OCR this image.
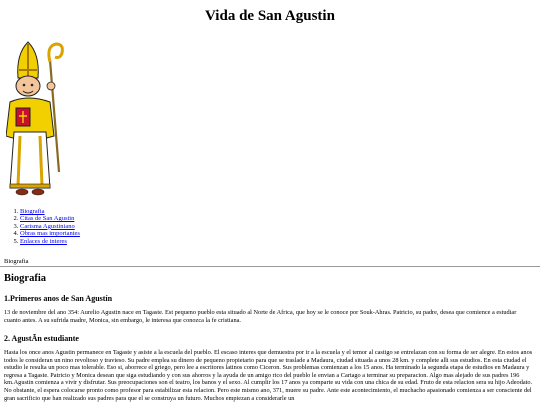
Vida de San Agustin
1. Biografia
2. Citas de San Agustin
3. Carisma Agustiniano
4. Obras mas importantes
5. Enlaces de interes
Biografia
Biografia
1.Primeros anos de San Agustín

13 de noviembre del ano 354: Aurelio Agustin nace en Tagaste. Est pequeno pueblo esta situado al Norte de Africa, que hoy se le conoce por Souk-Ahras. Patricio, su padre, desea que comience a estudiar cuanto antes. A su sufrida madre, Monica, sin embargo, le interesa que conozca la fe cristiana.

2. AgustÃn estudiante

Hasta los once anos Agustin permanece en Tagaste y asiste a la escuela del pueblo. El escaso interes que demuestra por ir a la escuela y el temor al castigo se entrelazan con su forma de ser alegre. En estos anos todos le consideran un nino revoltoso y travieso. Su padre emplea su dinero de pequeno propietario para que se traslade a Madaura, ciudad situada a unos 28 km. y complete alli sus estudios. En esta ciudad el estudio le resulta un poco mas tolerable. Eso si, aborrece el griego, pero lee a escritores latinos como Ciceron. Sus problemas comienzan a los 15 anos. Ha terminado la segunda etapa de estudios en Madaura y regresa a Tagaste. Patricio y Monica desean que siga estudiando y con sus ahorros y la ayuda de un amigo rico del pueblo le envian a Cartago a terminar su preparacion. Algo mas alejado de sus padres 196 km.Agustin comienza a vivir y disfrutar. Sus preocupaciones son el teatro, los banos y el sexo. Al cumplir los 17 anos ya comparte su vida con una chica de su edad. Fruto de esta relacion sera su hijo Adeodato. No obstante, el espera colocarse pronto como profesor para estabilizar esta relacion. Pero este mismo ano, 371, muere su padre. Ante este acontecimiento, el muchacho apasionado comienza a ser consciente del gran sacrificio que han realizado sus padres para que el se construya un futuro. Muchos empiezan a considerarle un
